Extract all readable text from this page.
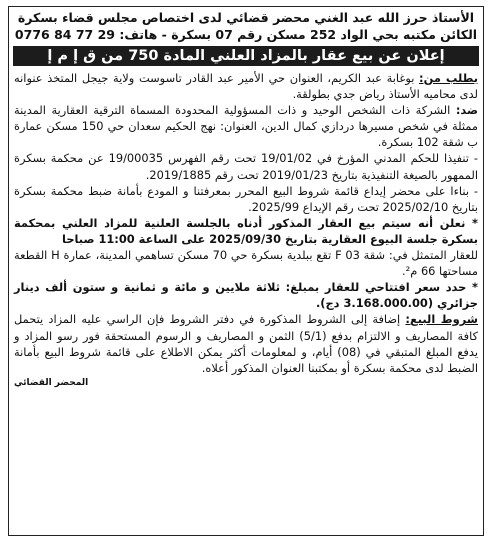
الأستاذ حرز الله عبد الغني محضر قضائي لدى اختصاص مجلس قضاء بسكرة
الكائن مكتبه بحي الواد 252 مسكن رقم 07 بسكرة - هاتف: 29 77 84 0776
إعلان عن بيع عقار بالمزاد العلني المادة 750 من ق إ م إ

بطلب من: بوغابة عبد الكريم، العنوان حي الأمير عبد القادر تاسوست ولاية جيجل المتخذ عنوانه لدى محاميه الأستاذ رياض جدي بطولقة.

ضد: الشركة ذات الشخص الوحيد و ذات المسؤولية المحدودة المسماة الترقية العقارية المدينة ممثلة في شخص مسيرها دردازي كمال الدين، العنوان: نهج الحكيم سعدان حي 150 مسكن عمارة ب شقة 102 بسكرة.

- تنفيذا للحكم المدني المؤرخ في 19/01/02 تحت رقم الفهرس 19/00035 عن محكمة بسكرة الممهور بالصيغة التنفيذية بتاريخ 2019/01/23 تحت رقم 2019/1885.

- بناءا على محضر إيداع قائمة شروط البيع المحرر بمعرفتنا و المودع بأمانة ضبط محكمة بسكرة بتاريخ 2025/02/10 تحت رقم الإيداع 2025/99.

* نعلن أنه سيتم بيع العقار المذكور أدناه بالجلسة العلنية للمزاد العلني بمحكمة بسكرة جلسة البيوع العقارية بتاريخ 2025/09/30 على الساعة 11:00 صباحا

للعقار المتمثل في: شقة F 03 تقع ببلدية بسكرة حي 70 مسكن تساهمي المدينة، عمارة H القطعة مساحتها 66 م².

* حدد سعر افتتاحي للعقار بمبلغ: ثلاثة ملايين و مائة و ثمانية و ستون ألف دينار جزائري (3.168.000.00 دج).

شروط البيع: إضافة إلى الشروط المذكورة في دفتر الشروط فإن الراسي عليه المزاد يتحمل كافة المصاريف و الالتزام بدفع (5/1) الثمن و المصاريف و الرسوم المستحقة فور رسو المزاد و يدفع المبلغ المتبقي في (08) أيام، و لمعلومات أكثر يمكن الاطلاع على قائمة شروط البيع بأمانة الضبط لدى محكمة بسكرة أو بمكتبنا العنوان المذكور أعلاه.

المحضر القضائي
